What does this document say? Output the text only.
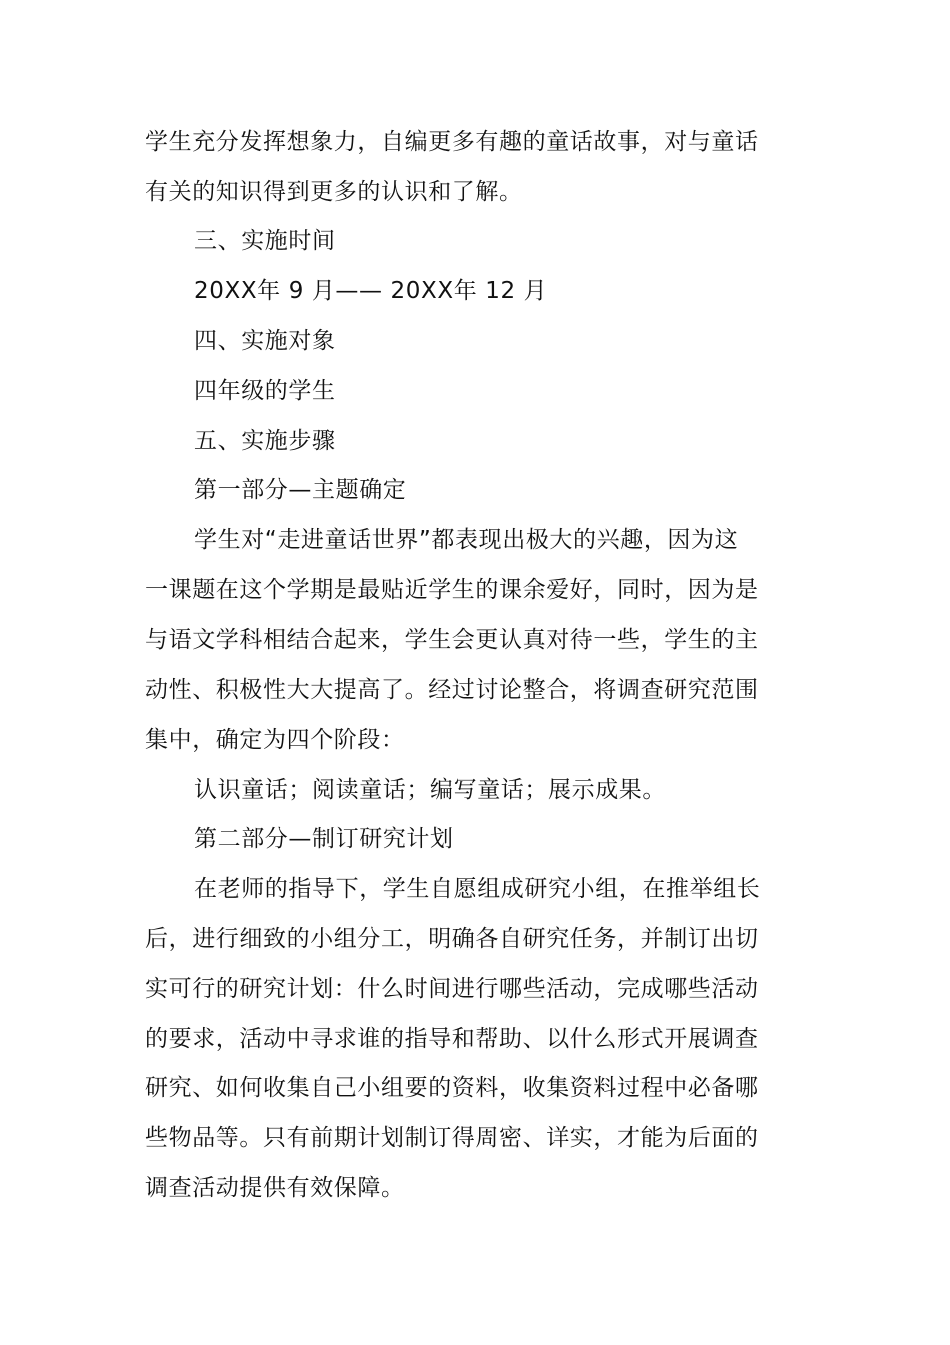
学生充分发挥想象力，自编更多有趣的童话故事，对与童话
有关的知识得到更多的认识和了解。
三、实施时间
20XX年 9 月—— 20XX年 12 月
四、实施对象
四年级的学生
五、实施步骤
第一部分—主题确定
学生对“走进童话世界”都表现出极大的兴趣，因为这
一课题在这个学期是最贴近学生的课余爱好，同时，因为是
与语文学科相结合起来，学生会更认真对待一些，学生的主
动性、积极性大大提高了。经过讨论整合，将调查研究范围
集中，确定为四个阶段：
认识童话；阅读童话；编写童话；展示成果。
第二部分—制订研究计划
在老师的指导下，学生自愿组成研究小组，在推举组长
后，进行细致的小组分工，明确各自研究任务，并制订出切
实可行的研究计划：什么时间进行哪些活动，完成哪些活动
的要求，活动中寻求谁的指导和帮助、以什么形式开展调查
研究、如何收集自己小组要的资料，收集资料过程中必备哪
些物品等。只有前期计划制订得周密、详实，才能为后面的
调查活动提供有效保障。
